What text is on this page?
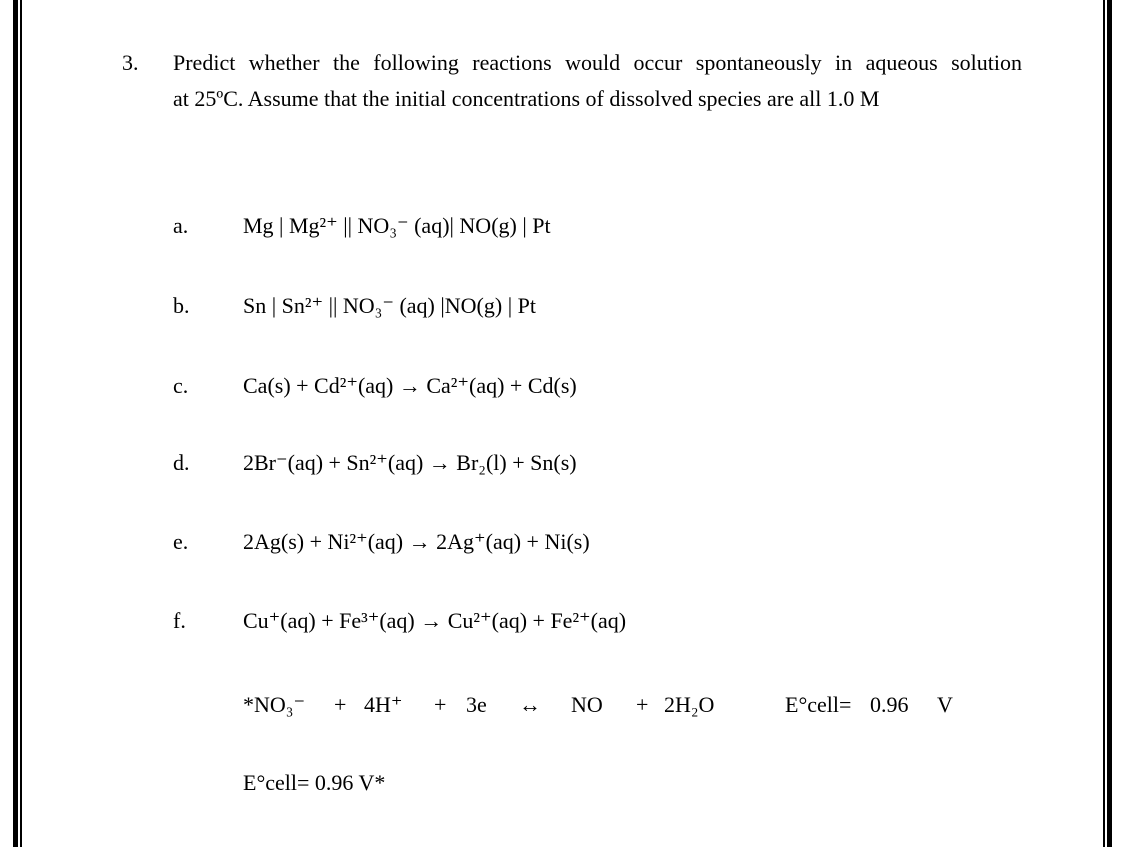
3. Predict whether the following reactions would occur spontaneously in aqueous solution
at 25ºC. Assume that the initial concentrations of dissolved species are all 1.0 M
a. Mg | Mg²⁺ || NO₃⁻ (aq)| NO(g) | Pt
b. Sn | Sn²⁺ || NO₃⁻ (aq) |NO(g) | Pt
c. Ca(s) + Cd²⁺(aq) → Ca²⁺(aq) + Cd(s)
d. 2Br⁻(aq) + Sn²⁺(aq) → Br₂(l) + Sn(s)
e. 2Ag(s) + Ni²⁺(aq) → 2Ag⁺(aq) + Ni(s)
f.	Cu⁺(aq) + Fe³⁺(aq) → Cu²⁺(aq) + Fe²⁺(aq)
*NO₃⁻ + 4H⁺ + 3e ↔ NO + 2H₂O	E°cell= 0.96 V
E°cell= 0.96 V*
